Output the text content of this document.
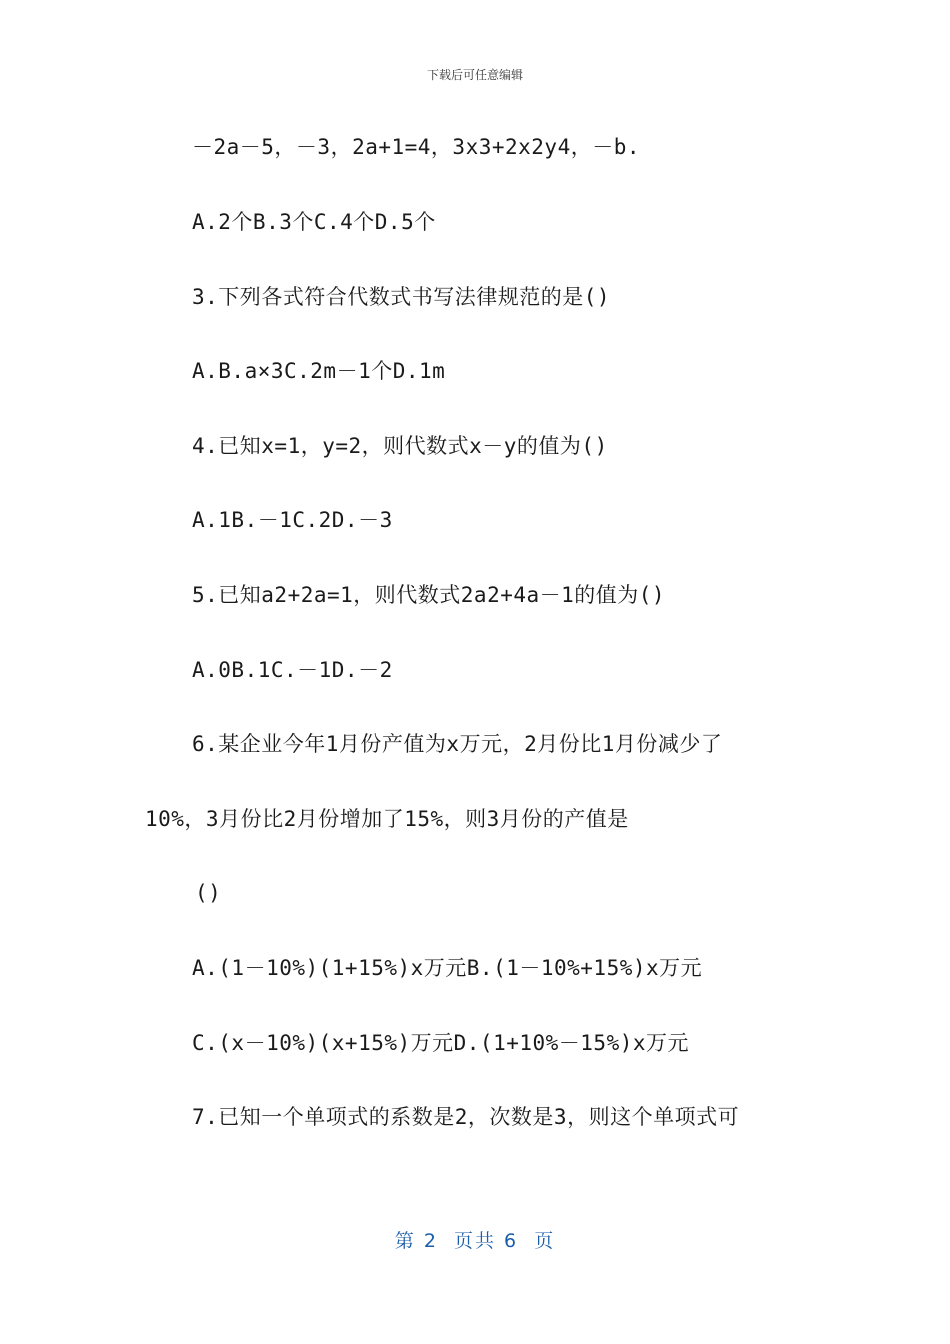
下载后可任意编辑
－2a－5，－3，2a+1=4，3x3+2x2y4，－b.
A.2个B.3个C.4个D.5个
3.下列各式符合代数式书写法律规范的是()
A.B.a×3C.2m－1个D.1m
4.已知x=1，y=2，则代数式x－y的值为()
A.1B.－1C.2D.－3
5.已知a2+2a=1，则代数式2a2+4a－1的值为()
A.0B.1C.－1D.－2
6.某企业今年1月份产值为x万元，2月份比1月份减少了
10%，3月份比2月份增加了15%，则3月份的产值是
()
A.(1－10%)(1+15%)x万元B.(1－10%+15%)x万元
C.(x－10%)(x+15%)万元D.(1+10%－15%)x万元
7.已知一个单项式的系数是2，次数是3，则这个单项式可
第 2  页共 6  页
